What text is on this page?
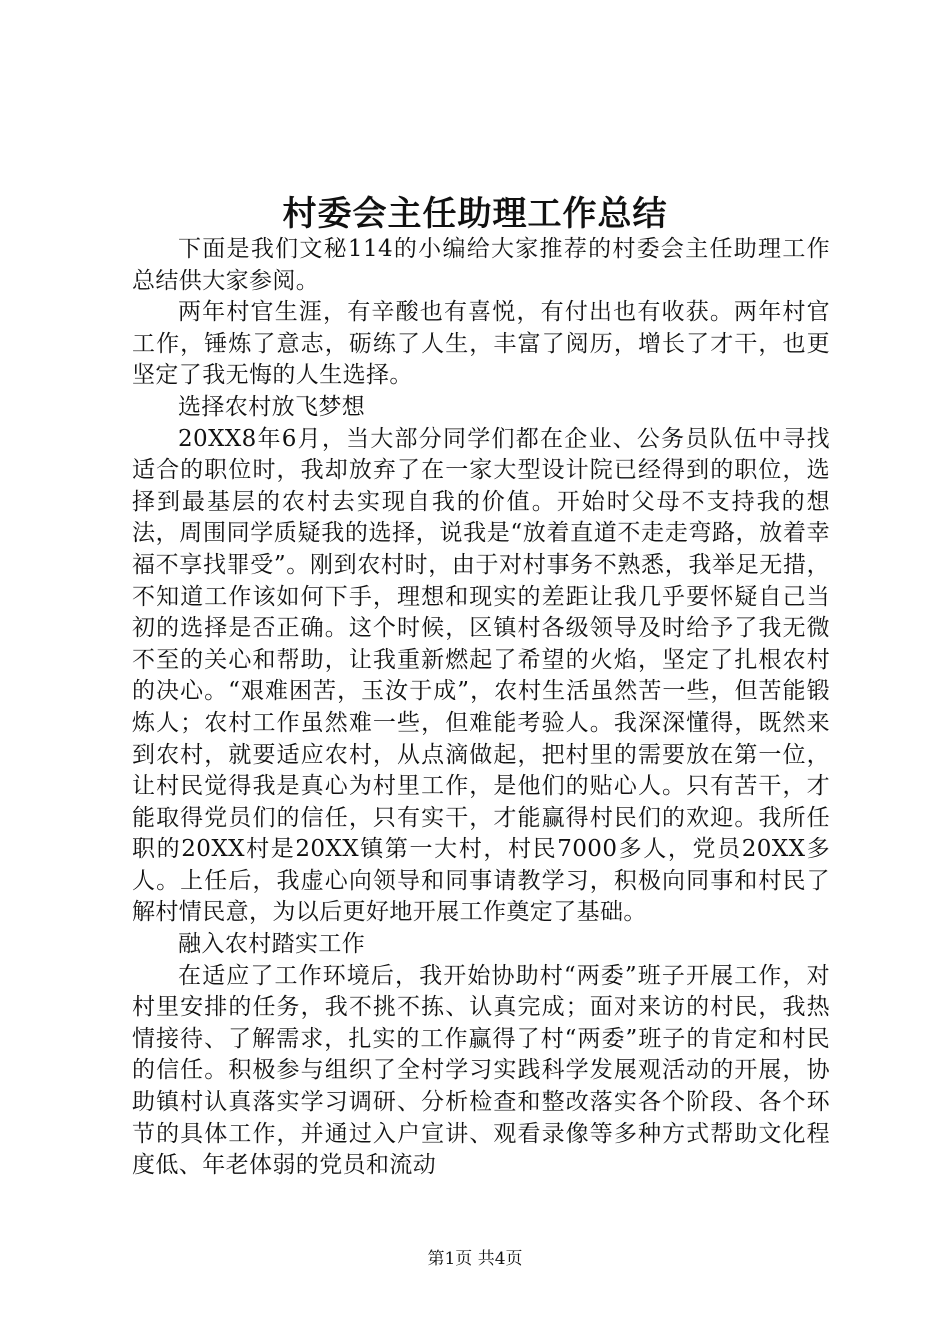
村委会主任助理工作总结

下面是我们文秘114的小编给大家推荐的村委会主任助理工作总结供大家参阅。

两年村官生涯，有辛酸也有喜悦，有付出也有收获。两年村官工作，锤炼了意志，砺练了人生，丰富了阅历，增长了才干，也更坚定了我无悔的人生选择。

选择农村放飞梦想

20XX8年6月，当大部分同学们都在企业、公务员队伍中寻找适合的职位时，我却放弃了在一家大型设计院已经得到的职位，选择到最基层的农村去实现自我的价值。开始时父母不支持我的想法，周围同学质疑我的选择，说我是“放着直道不走走弯路，放着幸福不享找罪受”。刚到农村时，由于对村事务不熟悉，我举足无措，不知道工作该如何下手，理想和现实的差距让我几乎要怀疑自己当初的选择是否正确。这个时候，区镇村各级领导及时给予了我无微不至的关心和帮助，让我重新燃起了希望的火焰，坚定了扎根农村的决心。“艰难困苦，玉汝于成”，农村生活虽然苦一些，但苦能锻炼人；农村工作虽然难一些，但难能考验人。我深深懂得，既然来到农村，就要适应农村，从点滴做起，把村里的需要放在第一位，让村民觉得我是真心为村里工作，是他们的贴心人。只有苦干，才能取得党员们的信任，只有实干，才能赢得村民们的欢迎。我所任职的20XX村是20XX镇第一大村，村民7000多人，党员20XX多人。上任后，我虚心向领导和同事请教学习，积极向同事和村民了解村情民意，为以后更好地开展工作奠定了基础。

融入农村踏实工作

在适应了工作环境后，我开始协助村“两委”班子开展工作，对村里安排的任务，我不挑不拣、认真完成；面对来访的村民，我热情接待、了解需求，扎实的工作赢得了村“两委”班子的肯定和村民的信任。积极参与组织了全村学习实践科学发展观活动的开展，协助镇村认真落实学习调研、分析检查和整改落实各个阶段、各个环节的具体工作，并通过入户宣讲、观看录像等多种方式帮助文化程度低、年老体弱的党员和流动

第1页 共4页
